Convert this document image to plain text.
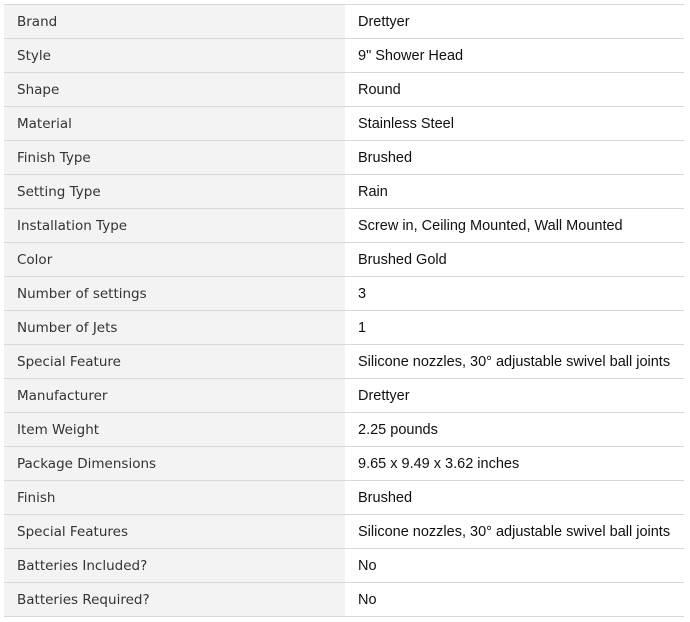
Brand	Drettyer
Style	9" Shower Head
Shape	Round
Material	Stainless Steel
Finish Type	Brushed
Setting Type	Rain
Installation Type	Screw in, Ceiling Mounted, Wall Mounted
Color	Brushed Gold
Number of settings	3
Number of Jets	1
Special Feature	Silicone nozzles, 30° adjustable swivel ball joints
Manufacturer	Drettyer
Item Weight	2.25 pounds
Package Dimensions	9.65 x 9.49 x 3.62 inches
Finish	Brushed
Special Features	Silicone nozzles, 30° adjustable swivel ball joints
Batteries Included?	No
Batteries Required?	No
